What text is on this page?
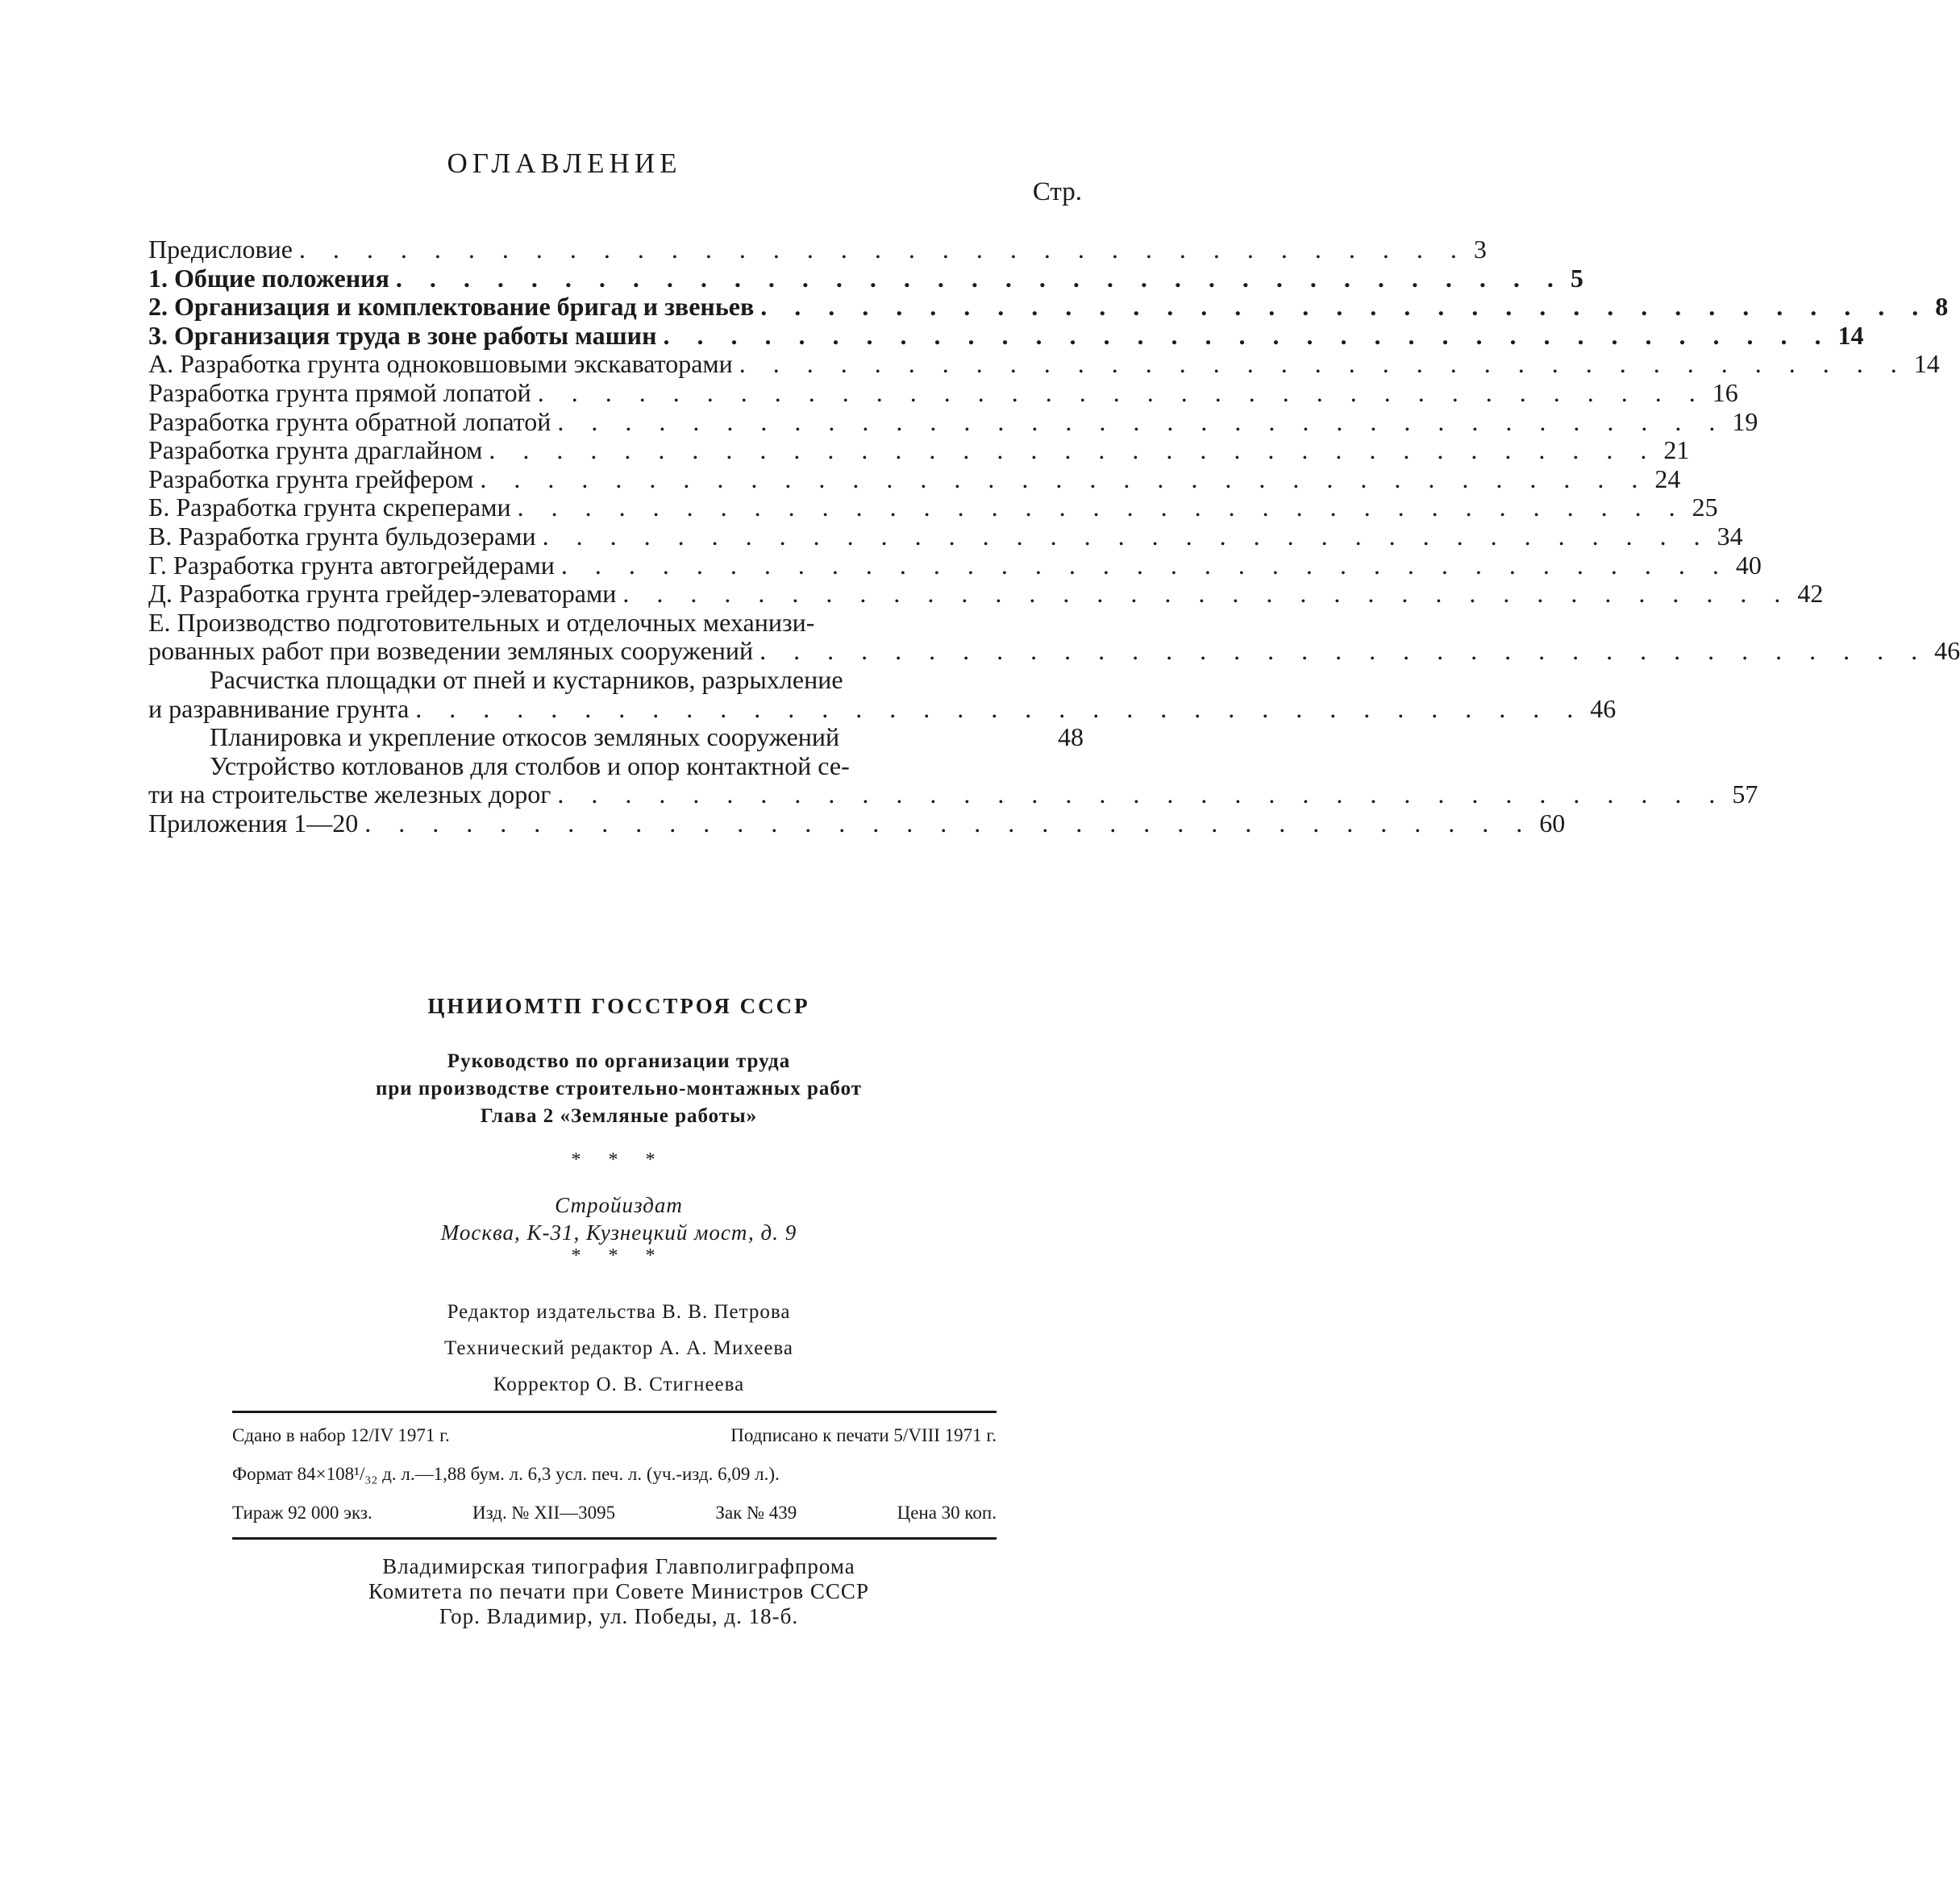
ОГЛАВЛЕНИЕ
Стр.
Предисловие . . . . . . . . . . . . . . . . . . . . . . . . . . . . . . . . . . . 3
1. Общие положения . . . . . . . . . . . . . . . . . . . . . . . . . . . . . . . . . . . 5
2. Организация и комплектование бригад и звеньев . . . . . . . . . . . . . . . . . . . . . . . . . . . . . . . . . . . 8
3. Организация труда в зоне работы машин . . . . . . . . . . . . . . . . . . . . . . . . . . . . . . . . . . . 14
А. Разработка грунта одноковшовыми экскаваторами . . . . . . . . . . . . . . . . . . . . . . . . . . . . . . . . . . . 14
Разработка грунта прямой лопатой . . . . . . . . . . . . . . . . . . . . . . . . . . . . . . . . . . . 16
Разработка грунта обратной лопатой . . . . . . . . . . . . . . . . . . . . . . . . . . . . . . . . . . . 19
Разработка грунта драглайном . . . . . . . . . . . . . . . . . . . . . . . . . . . . . . . . . . . 21
Разработка грунта грейфером . . . . . . . . . . . . . . . . . . . . . . . . . . . . . . . . . . . 24
Б. Разработка грунта скреперами . . . . . . . . . . . . . . . . . . . . . . . . . . . . . . . . . . . 25
В. Разработка грунта бульдозерами . . . . . . . . . . . . . . . . . . . . . . . . . . . . . . . . . . . 34
Г. Разработка грунта автогрейдерами . . . . . . . . . . . . . . . . . . . . . . . . . . . . . . . . . . . 40
Д. Разработка грунта грейдер-элеваторами . . . . . . . . . . . . . . . . . . . . . . . . . . . . . . . . . . . 42
Е. Производство подготовительных и отделочных механизи-
рованных работ при возведении земляных сооружений . . . . . . . . . . . . . . . . . . . . . . . . . . . . . . . . . . . 46
Расчистка площадки от пней и кустарников, разрыхление
и разравнивание грунта . . . . . . . . . . . . . . . . . . . . . . . . . . . . . . . . . . . 46
Планировка и укрепление откосов земляных сооружений	48
Устройство котлованов для столбов и опор контактной се-
ти на строительстве железных дорог . . . . . . . . . . . . . . . . . . . . . . . . . . . . . . . . . . . 57
Приложения 1—20 . . . . . . . . . . . . . . . . . . . . . . . . . . . . . . . . . . . 60
ЦНИИОМТП ГОССТРОЯ СССР
Руководство по организации труда
при производстве строительно-монтажных работ
Глава 2 «Земляные работы»
* * *
Стройиздат
Москва, К-31, Кузнецкий мост, д. 9
* * *
Редактор издательства В. В. Петрова
Технический редактор А. А. Михеева
Корректор О. В. Стигнеева
Сдано в набор 12/IV 1971 г.	Подписано к печати 5/VIII 1971 г.
Формат 84×108¹/₃₂ д. л.—1,88 бум. л. 6,3 усл. печ. л. (уч.-изд. 6,09 л.).
Тираж 92 000 экз.	Изд. № XII—3095	Зак № 439	Цена 30 коп.
Владимирская типография Главполиграфпрома
Комитета по печати при Совете Министров СССР
Гор. Владимир, ул. Победы, д. 18-б.
